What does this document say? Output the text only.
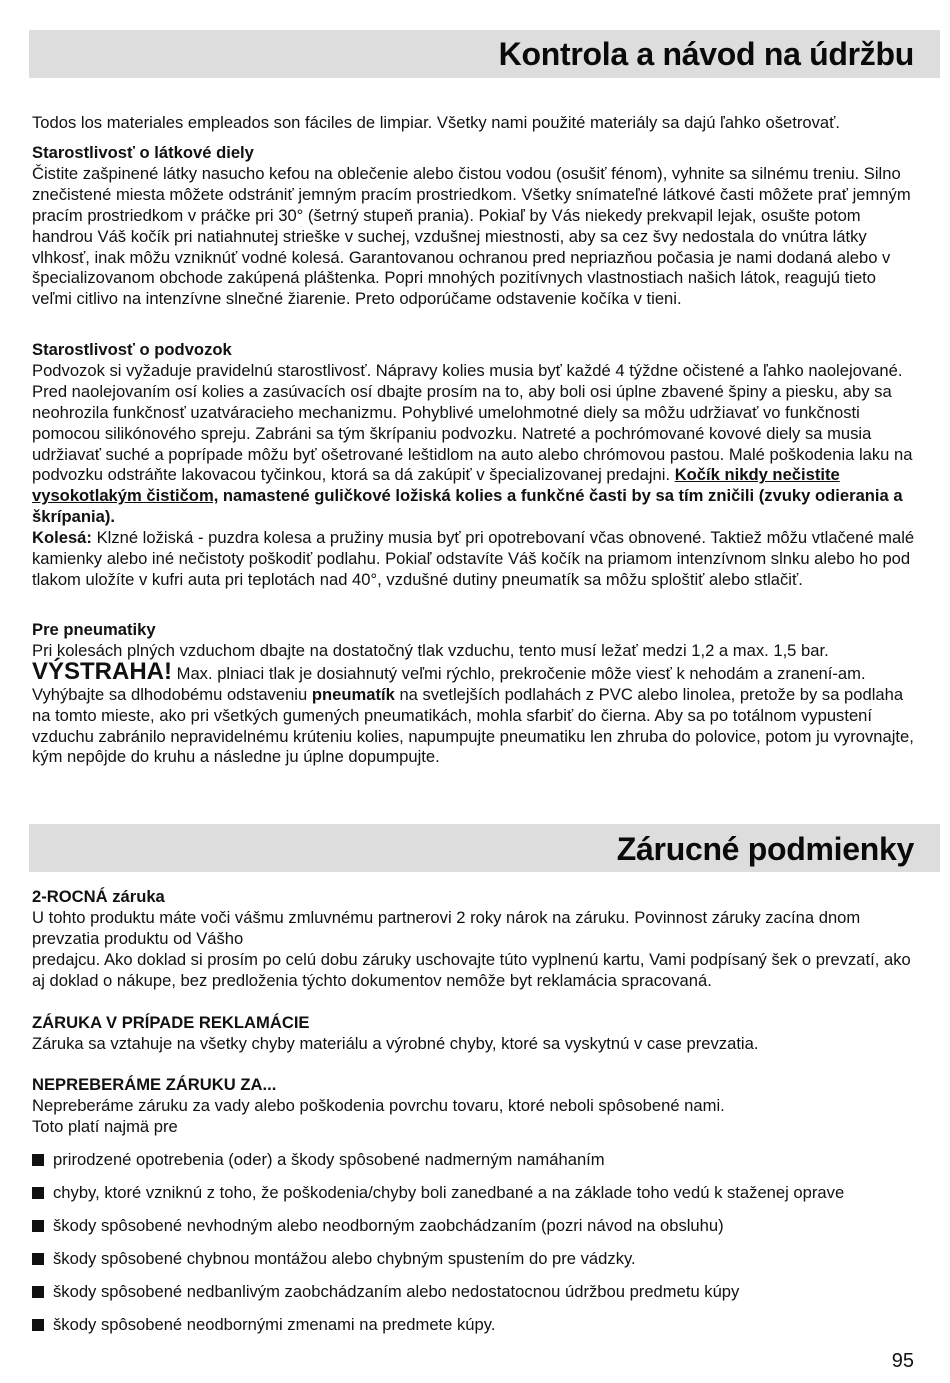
Kontrola a návod na údržbu

Todos los materiales empleados son fáciles de limpiar. Všetky nami použité materiály sa dajú ľahko ošetrovať.

Starostlivosť o látkové diely

Čistite zašpinené látky nasucho kefou na oblečenie alebo čistou vodou (osušiť fénom), vyhnite sa silnému treniu. Silno znečistené miesta môžete odstrániť jemným pracím prostriedkom. Všetky snímateľné látkové časti môžete prať jemným pracím prostriedkom v práčke pri 30° (šetrný stupeň prania). Pokiaľ by Vás niekedy prekvapil lejak, osušte potom handrou Váš kočík pri natiahnutej strieške v suchej, vzdušnej miestnosti, aby sa cez švy nedostala do vnútra látky vlhkosť, inak môžu vzniknúť vodné kolesá. Garantovanou ochranou pred nepriazňou počasia je nami dodaná alebo v špecializovanom obchode zakúpená pláštenka. Popri mnohých pozitívnych vlastnostiach našich látok, reagujú tieto veľmi citlivo na intenzívne slnečné žiarenie. Preto odporúčame odstavenie kočíka v tieni.

Starostlivosť o podvozok

Podvozok si vyžaduje pravidelnú starostlivosť. Nápravy kolies musia byť každé 4 týždne očistené a ľahko naolejované. Pred naolejovaním osí kolies a zasúvacích osí dbajte prosím na to, aby boli osi úplne zbavené špiny a piesku, aby sa neohrozila funkčnosť uzatváracieho mechanizmu. Pohyblivé umelohmotné diely sa môžu udržiavať vo funkčnosti pomocou silikónového spreju. Zabráni sa tým škrípaniu podvozku. Natreté a pochrómované kovové diely sa musia udržiavať suché a poprípade môžu byť ošetrované leštidlom na auto alebo chrómovou pastou. Malé poškodenia laku na podvozku odstráňte lakovacou tyčinkou, ktorá sa dá zakúpiť v špecializovanej predajni. Kočík nikdy nečistite vysokotlakým čističom, namastené guličkové ložiská kolies a funkčné časti by sa tím zničili (zvuky odierania a škrípania).

Kolesá: Klzné ložiská - puzdra kolesa a pružiny musia byť pri opotrebovaní včas obnovené. Taktiež môžu vtlačené malé kamienky alebo iné nečistoty poškodiť podlahu. Pokiaľ odstavíte Váš kočík na priamom intenzívnom slnku alebo ho pod tlakom uložíte v kufri auta pri teplotách nad 40°, vzdušné dutiny pneumatík sa môžu sploštiť alebo stlačiť.

Pre pneumatiky

Pri kolesách plných vzduchom dbajte na dostatočný tlak vzduchu, tento musí ležať medzi 1,2 a max. 1,5 bar.

VÝSTRAHA! Max. plniaci tlak je dosiahnutý veľmi rýchlo, prekročenie môže viesť k nehodám a zranení-am. Vyhýbajte sa dlhodobému odstaveniu pneumatík na svetlejších podlahách z PVC alebo linolea, pretože by sa podlaha na tomto mieste, ako pri všetkých gumených pneumatikách, mohla sfarbiť do čierna. Aby sa po totálnom vypustení vzduchu zabránilo nepravidelnému krúteniu kolies, napumpujte pneumatiku len zhruba do polovice, potom ju vyrovnajte, kým nepôjde do kruhu a následne ju úplne dopumpujte.

Zárucné podmienky
2-ROCNÁ záruka

U tohto produktu máte voči vášmu zmluvnému partnerovi 2 roky nárok na záruku. Povinnost záruky zacína dnom prevzatia produktu od Vášho

predajcu. Ako doklad si prosím po celú dobu záruky uschovajte túto vyplnenú kartu, Vami podpísaný šek o prevzatí, ako aj doklad o nákupe, bez predloženia týchto dokumentov nemôže byt reklamácia spracovaná.

ZÁRUKA V PRÍPADE REKLAMÁCIE

Záruka sa vztahuje na všetky chyby materiálu a výrobné chyby, ktoré sa vyskytnú v case prevzatia.

NEPREBERÁME ZÁRUKU ZA...

Nepreberáme záruku za vady alebo poškodenia povrchu tovaru, ktoré neboli spôsobené nami.

Toto platí najmä pre

prirodzené opotrebenia (oder) a škody spôsobené nadmerným namáhaním
chyby, ktoré vzniknú z toho, že poškodenia/chyby boli zanedbané a na základe toho vedú k staženej oprave
škody spôsobené nevhodným alebo neodborným zaobchádzaním (pozri návod na obsluhu)
škody spôsobené chybnou montážou alebo chybným spustením do pre vádzky.
škody spôsobené nedbanlivým zaobchádzaním alebo nedostatocnou údržbou predmetu kúpy
škody spôsobené neodbornými zmenami na predmete kúpy.
95
